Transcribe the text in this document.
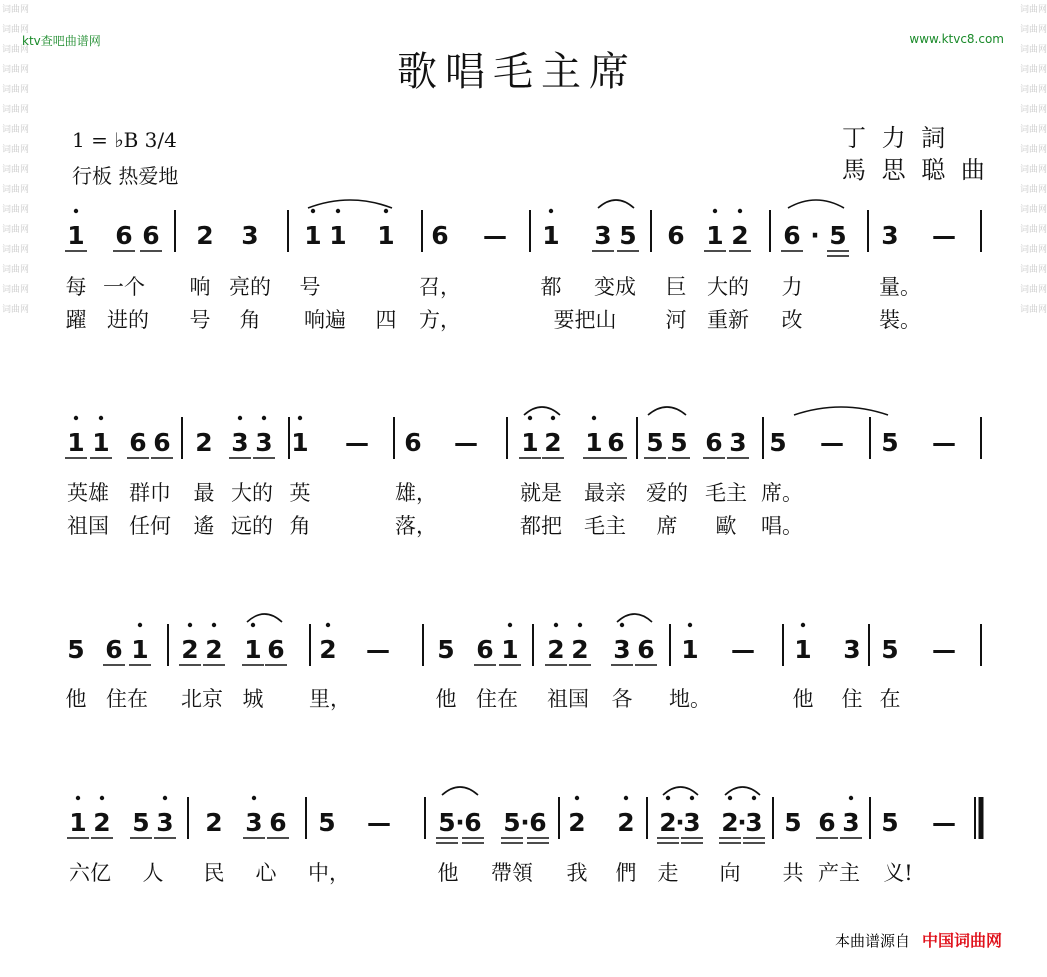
词曲网
词曲网
词曲网
词曲网
词曲网
词曲网
词曲网
词曲网
词曲网
词曲网
词曲网
词曲网
词曲网
词曲网
词曲网
词曲网

词曲网
词曲网
词曲网
词曲网
词曲网
词曲网
词曲网
词曲网
词曲网
词曲网
词曲网
词曲网
词曲网
词曲网
词曲网
词曲网

ktv查吧曲谱网	www.ktvc8.com
歌唱毛主席
1 = ♭B 3/4
行板 热爱地
丁 力 詞
馬 思 聪 曲
1 6 6 2 3 1 1 1 6 — 1 3 5 6 1 2 6 · 5 3 —
1 1 6 6 2 3 3 1 — 6 — 1 2 1 6 5 5 6 3 5 — 5 —
5 6 1 2 2 1 6 2 — 5 6 1 2 2 3 6 1 — 1 3 5 —
1 2 5 3 2 3 6 5 — 5 · 6 5 · 6 2 2 2
·
3 2
·
3 5 6 3 5 —
每 一个 响 亮的 号	召，	都 变成 巨 大的 力	量。
躍 进的 号 角 响遍 四 方，	要把山 河 重新 改	裝。
英雄 群巾 最 大的 英	雄，	就是 最亲 爱的 毛主 席。
祖国 任何 遙 远的 角	落，	都把 毛主 席 歐 唱。
他 住在 北京 城 里，	他 住在 祖国 各 地。	他 住 在
六亿 人 民 心 中，	他 帶領 我 們 走 向 共 产主 义!
本曲谱源自 中国词曲网
